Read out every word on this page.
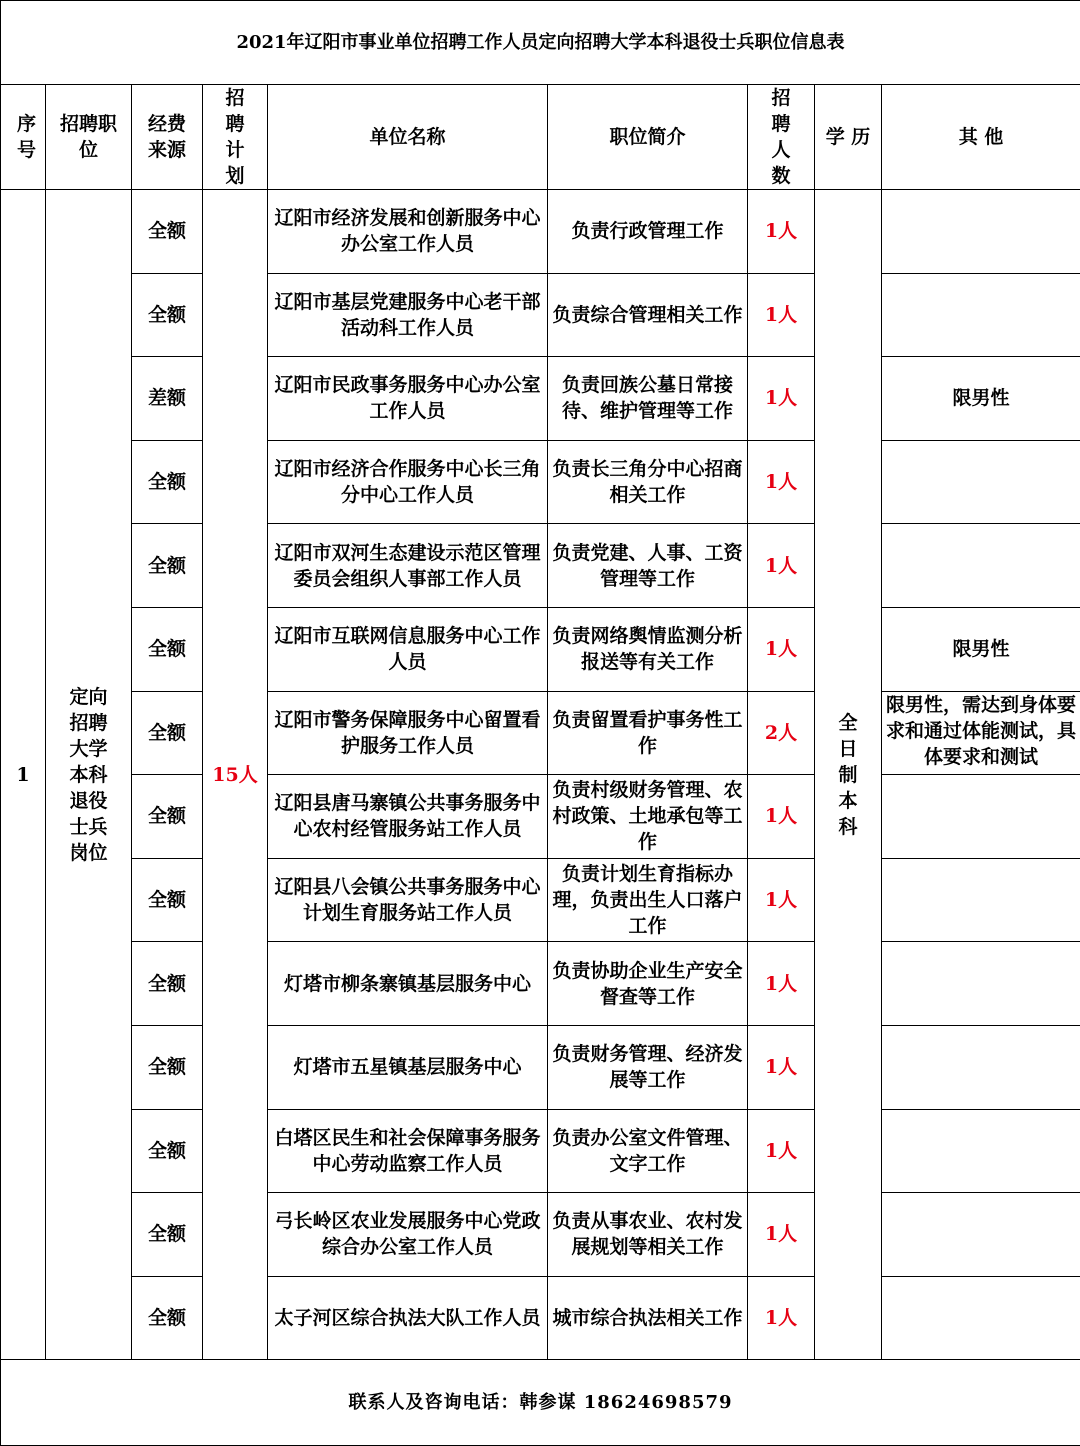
2021年辽阳市事业单位招聘工作人员定向招聘大学本科退役士兵职位信息表								
序号	招聘职位	经费来源	招聘计划	单位名称	职位简介	招聘人数	学 历	其 他
1	定向招聘大学本科退役士兵岗位	全额	15人	辽阳市经济发展和创新服务中心办公室工作人员	负责行政管理工作	1人	全日制本科	
		全额		辽阳市基层党建服务中心老干部活动科工作人员	负责综合管理相关工作	1人		
		差额		辽阳市民政事务服务中心办公室工作人员	负责回族公墓日常接待、维护管理等工作	1人		限男性
		全额		辽阳市经济合作服务中心长三角分中心工作人员	负责长三角分中心招商相关工作	1人		
		全额		辽阳市双河生态建设示范区管理委员会组织人事部工作人员	负责党建、人事、工资管理等工作	1人		
		全额		辽阳市互联网信息服务中心工作人员	负责网络舆情监测分析报送等有关工作	1人		限男性
		全额		辽阳市警务保障服务中心留置看护服务工作人员	负责留置看护事务性工作	2人		限男性，需达到身体要求和通过体能测试，具体要求和测试
		全额		辽阳县唐马寨镇公共事务服务中心农村经管服务站工作人员	负责村级财务管理、农村政策、土地承包等工作	1人		
		全额		辽阳县八会镇公共事务服务中心计划生育服务站工作人员	负责计划生育指标办理，负责出生人口落户工作	1人		
		全额		灯塔市柳条寨镇基层服务中心	负责协助企业生产安全督查等工作	1人		
		全额		灯塔市五星镇基层服务中心	负责财务管理、经济发展等工作	1人		
		全额		白塔区民生和社会保障事务服务中心劳动监察工作人员	负责办公室文件管理、文字工作	1人		
		全额		弓长岭区农业发展服务中心党政综合办公室工作人员	负责从事农业、农村发展规划等相关工作	1人		
		全额		太子河区综合执法大队工作人员	城市综合执法相关工作	1人		
联系人及咨询电话：韩参谋 18624698579								
